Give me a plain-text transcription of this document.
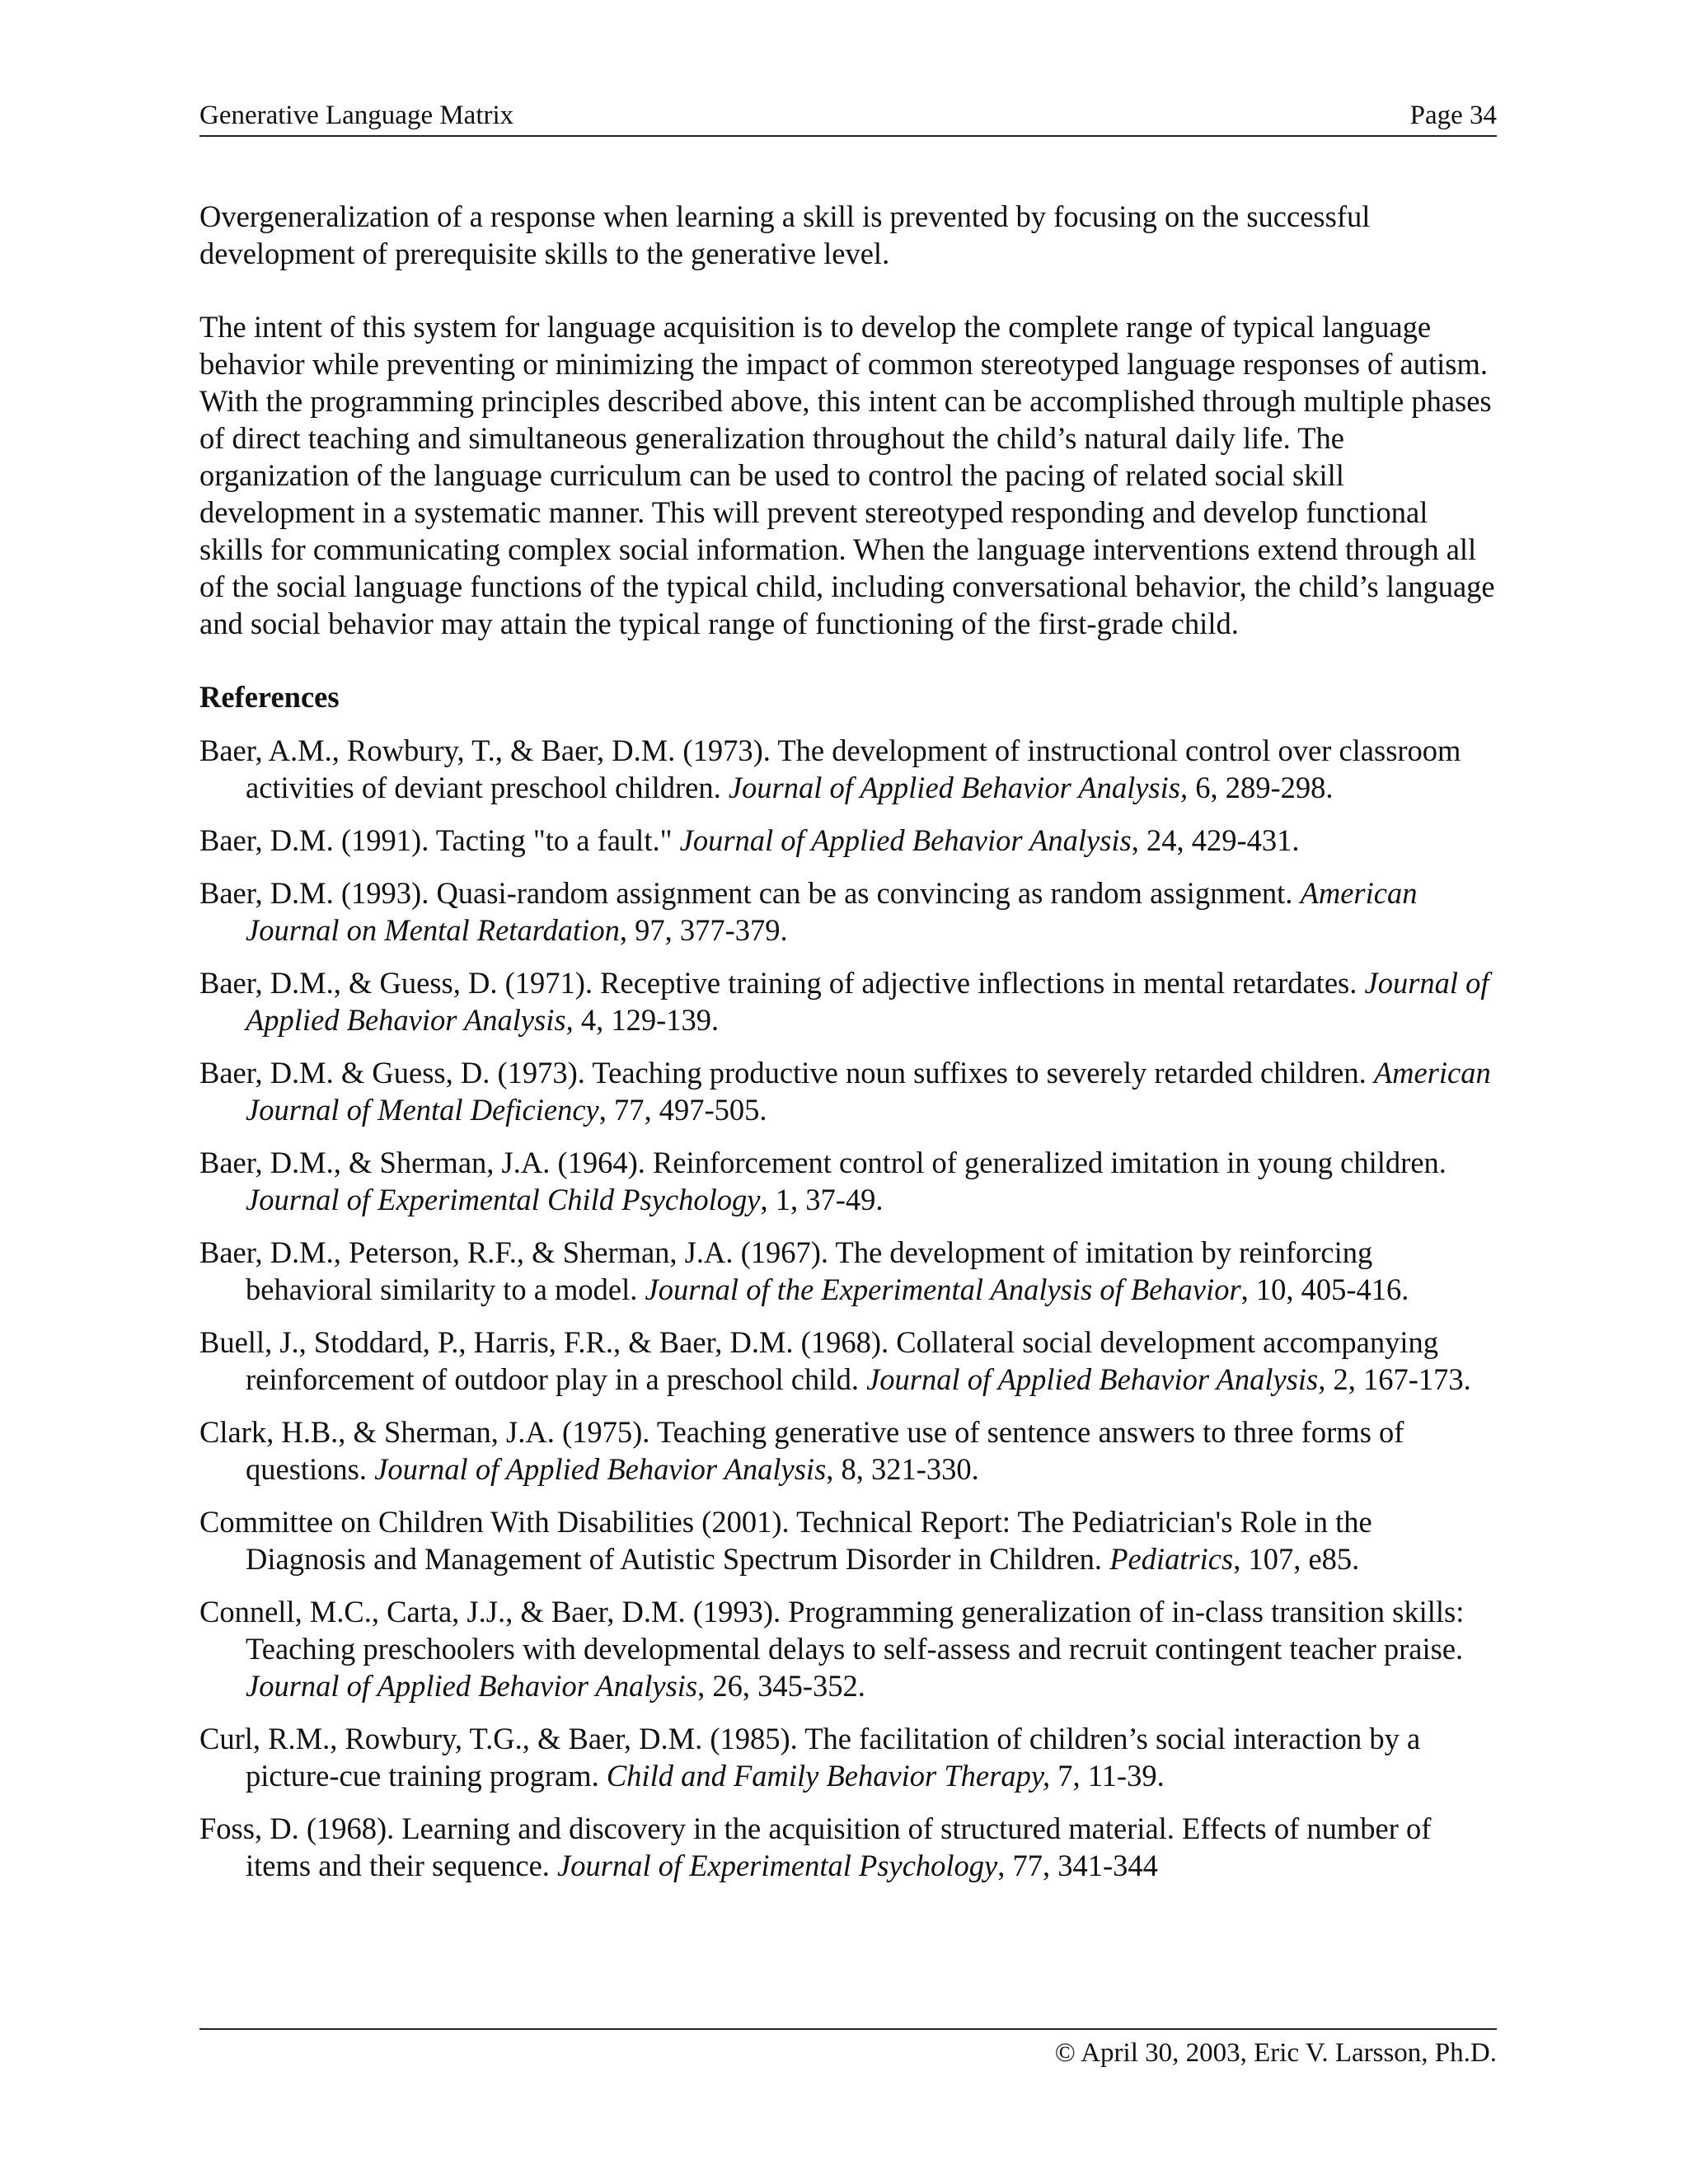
Generative Language Matrix	Page 34

Overgeneralization of a response when learning a skill is prevented by focusing on the successful development of prerequisite skills to the generative level.

The intent of this system for language acquisition is to develop the complete range of typical language behavior while preventing or minimizing the impact of common stereotyped language responses of autism. With the programming principles described above, this intent can be accomplished through multiple phases of direct teaching and simultaneous generalization throughout the child’s natural daily life. The organization of the language curriculum can be used to control the pacing of related social skill development in a systematic manner. This will prevent stereotyped responding and develop functional skills for communicating complex social information. When the language interventions extend through all of the social language functions of the typical child, including conversational behavior, the child’s language and social behavior may attain the typical range of functioning of the first-grade child.

References
Baer, A.M., Rowbury, T., & Baer, D.M. (1973). The development of instructional control over classroom activities of deviant preschool children. Journal of Applied Behavior Analysis, 6, 289-298.
Baer, D.M. (1991). Tacting "to a fault." Journal of Applied Behavior Analysis, 24, 429-431.
Baer, D.M. (1993). Quasi-random assignment can be as convincing as random assignment. American Journal on Mental Retardation, 97, 377-379.
Baer, D.M., & Guess, D. (1971). Receptive training of adjective inflections in mental retardates. Journal of Applied Behavior Analysis, 4, 129-139.
Baer, D.M. & Guess, D. (1973). Teaching productive noun suffixes to severely retarded children. American Journal of Mental Deficiency, 77, 497-505.
Baer, D.M., & Sherman, J.A. (1964). Reinforcement control of generalized imitation in young children. Journal of Experimental Child Psychology, 1, 37-49.
Baer, D.M., Peterson, R.F., & Sherman, J.A. (1967). The development of imitation by reinforcing behavioral similarity to a model. Journal of the Experimental Analysis of Behavior, 10, 405-416.
Buell, J., Stoddard, P., Harris, F.R., & Baer, D.M. (1968). Collateral social development accompanying reinforcement of outdoor play in a preschool child. Journal of Applied Behavior Analysis, 2, 167-173.
Clark, H.B., & Sherman, J.A. (1975). Teaching generative use of sentence answers to three forms of questions. Journal of Applied Behavior Analysis, 8, 321-330.
Committee on Children With Disabilities (2001). Technical Report: The Pediatrician's Role in the Diagnosis and Management of Autistic Spectrum Disorder in Children. Pediatrics, 107, e85.
Connell, M.C., Carta, J.J., & Baer, D.M. (1993). Programming generalization of in-class transition skills: Teaching preschoolers with developmental delays to self-assess and recruit contingent teacher praise. Journal of Applied Behavior Analysis, 26, 345-352.
Curl, R.M., Rowbury, T.G., & Baer, D.M. (1985). The facilitation of children’s social interaction by a picture-cue training program. Child and Family Behavior Therapy, 7, 11-39.
Foss, D. (1968). Learning and discovery in the acquisition of structured material. Effects of number of items and their sequence. Journal of Experimental Psychology, 77, 341-344
© April 30, 2003, Eric V. Larsson, Ph.D.
